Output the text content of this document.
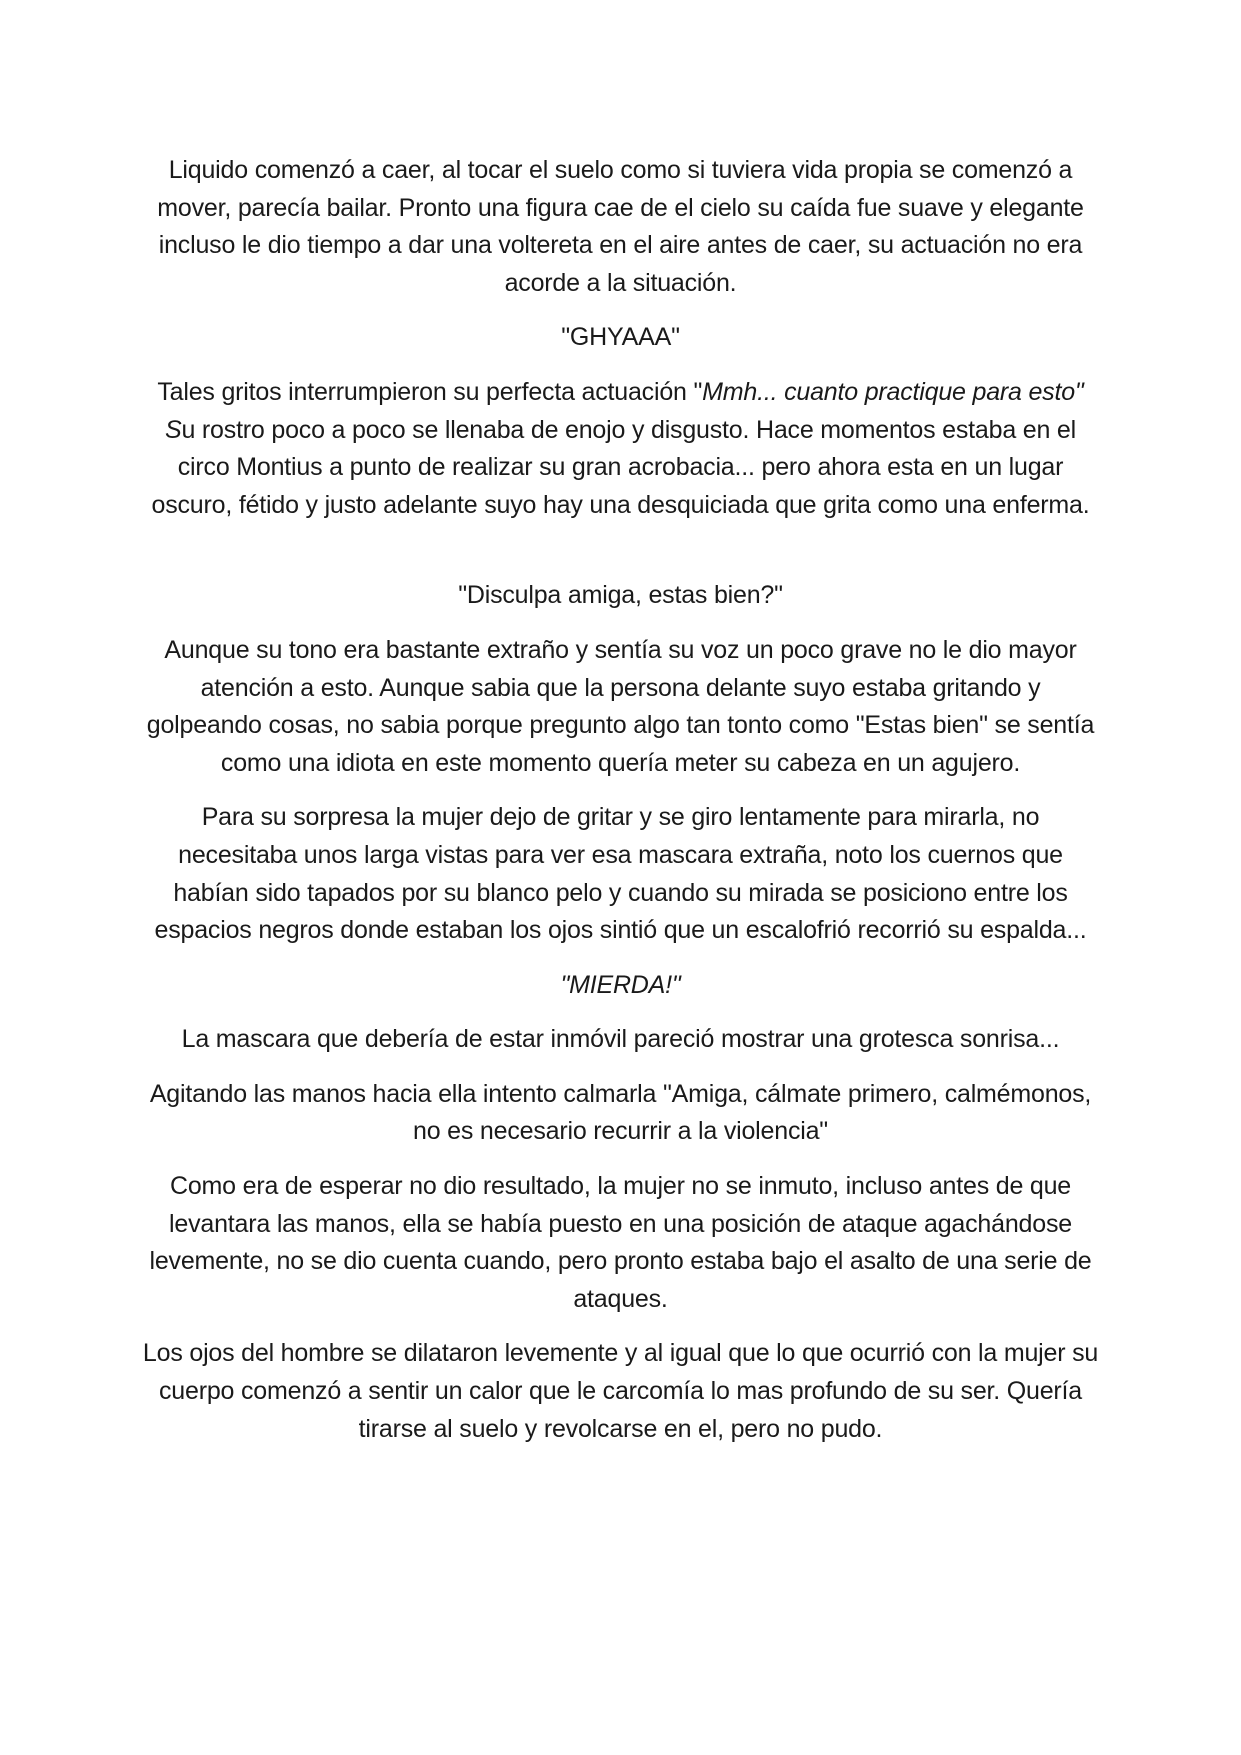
Liquido comenzó a caer, al tocar el suelo como si tuviera vida propia se comenzó a mover, parecía bailar. Pronto una figura cae de el cielo su caída fue suave y elegante incluso le dio tiempo a dar una voltereta en el aire antes de caer, su actuación no era acorde a la situación.

"GHYAAA"

Tales gritos interrumpieron su perfecta actuación "Mmh... cuanto practique para esto" Su rostro poco a poco se llenaba de enojo y disgusto. Hace momentos estaba en el circo Montius a punto de realizar su gran acrobacia... pero ahora esta en un lugar oscuro, fétido y justo adelante suyo hay una desquiciada que grita como una enferma.

"Disculpa amiga, estas bien?"

Aunque su tono era bastante extraño y sentía su voz un poco grave no le dio mayor atención a esto. Aunque sabia que la persona delante suyo estaba gritando y golpeando cosas, no sabia porque pregunto algo tan tonto como "Estas bien" se sentía como una idiota en este momento quería meter su cabeza en un agujero.

Para su sorpresa la mujer dejo de gritar y se giro lentamente para mirarla, no necesitaba unos larga vistas para ver esa mascara extraña, noto los cuernos que habían sido tapados por su blanco pelo y cuando su mirada se posiciono entre los espacios negros donde estaban los ojos sintió que un escalofrió recorrió su espalda...

"MIERDA!"

La mascara que debería de estar inmóvil pareció mostrar una grotesca sonrisa...

Agitando las manos hacia ella intento calmarla "Amiga, cálmate primero, calmémonos, no es necesario recurrir a la violencia"

Como era de esperar no dio resultado, la mujer no se inmuto, incluso antes de que levantara las manos, ella se había puesto en una posición de ataque agachándose levemente, no se dio cuenta cuando, pero pronto estaba bajo el asalto de una serie de ataques.

Los ojos del hombre se dilataron levemente y al igual que lo que ocurrió con la mujer su cuerpo comenzó a sentir un calor que le carcomía lo mas profundo de su ser. Quería tirarse al suelo y revolcarse en el, pero no pudo.
